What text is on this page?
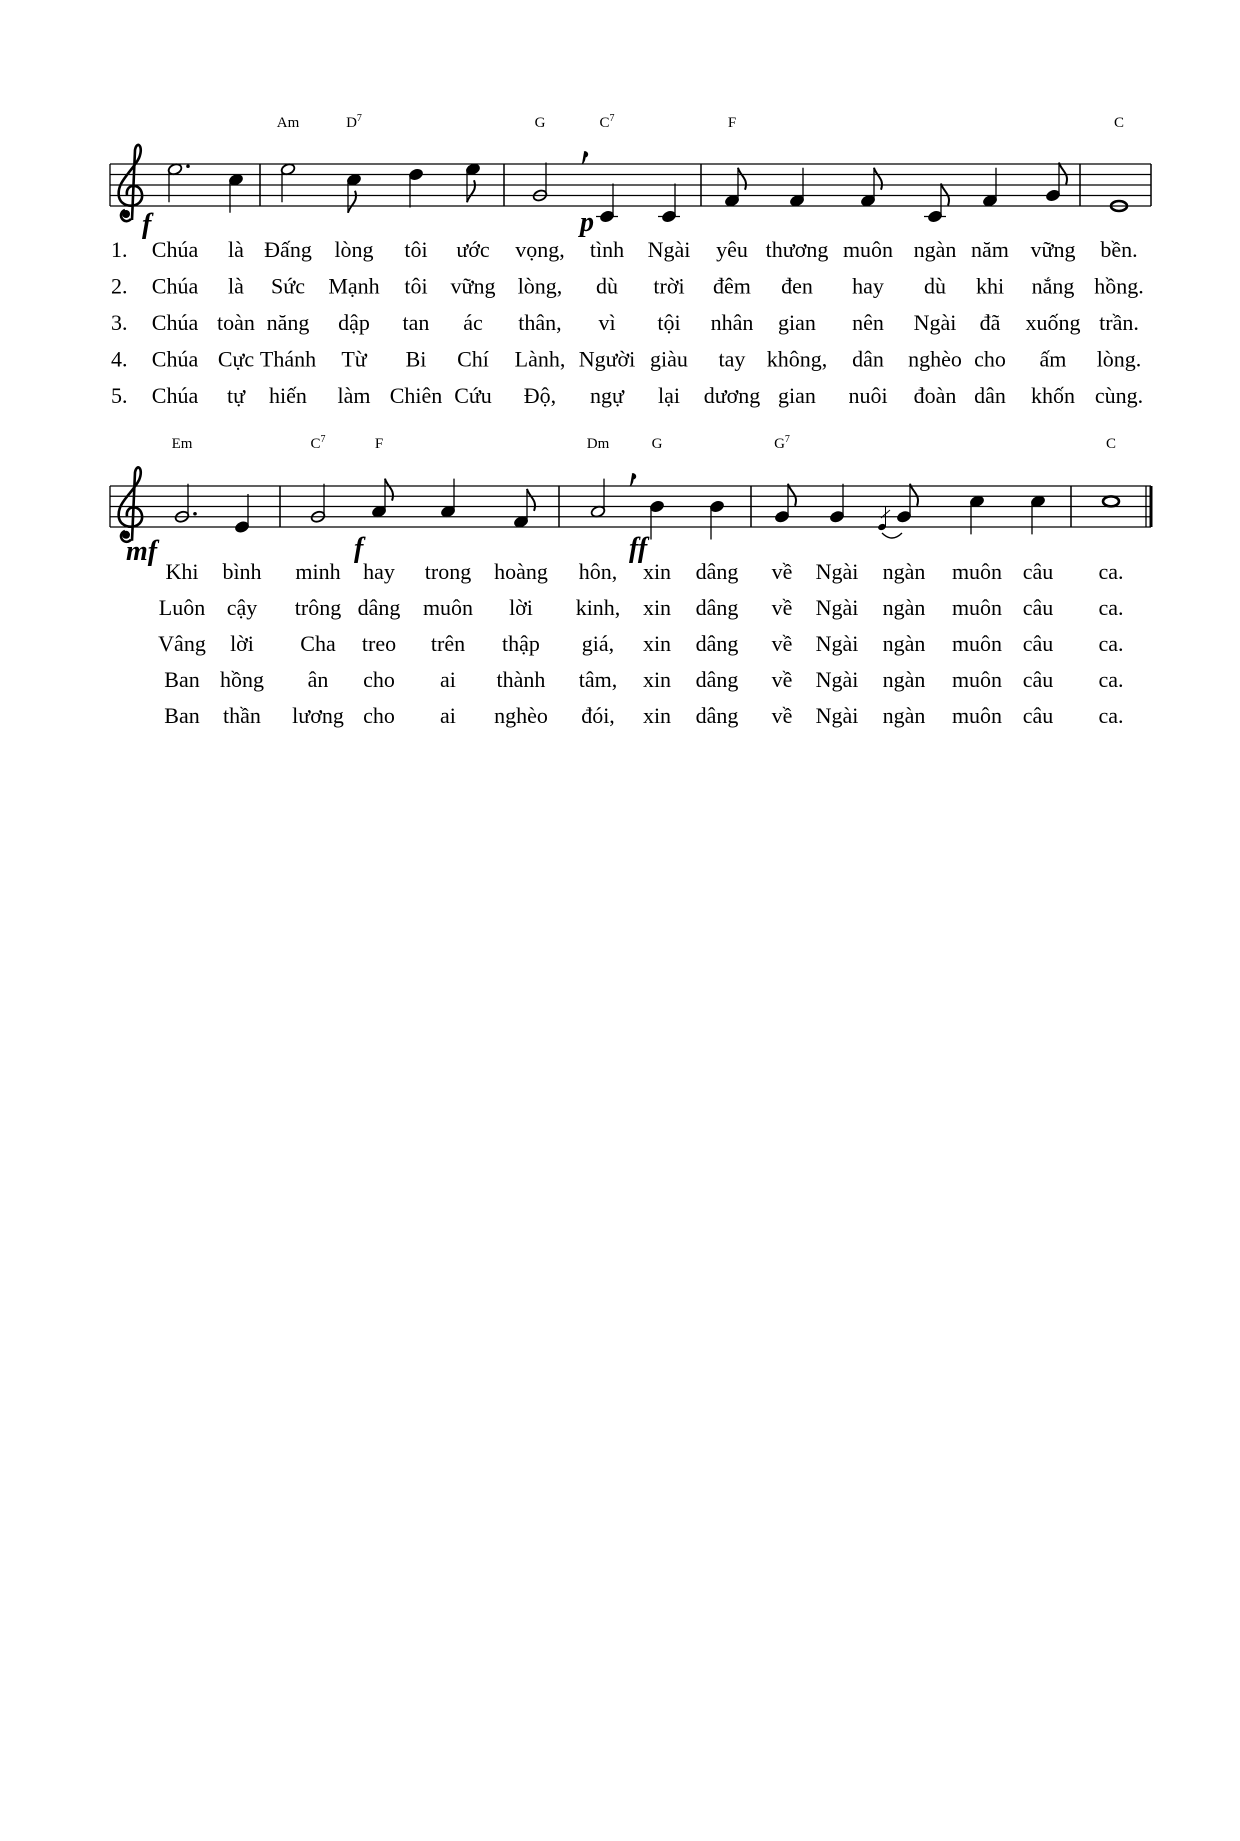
Am	$D^7$	G	$C^7$	F	C
f	p
1. Chúa là Đấng lòng tôi ước vọng, tình Ngài yêu thương muôn ngàn năm vững bền.
2. Chúa là Sức Mạnh tôi vững lòng, dù trời đêm đen hay dù khi nắng hồng.
3. Chúa toàn năng dập tan ác thân, vì tội nhân gian nên Ngài đã xuống trần.
4. Chúa Cực Thánh Từ Bi Chí Lành, Người giàu tay không, dân nghèo cho ấm lòng.
5. Chúa tự hiến làm Chiên Cứu Độ, ngự lại dương gian nuôi đoàn dân khốn cùng.
Em	$C^7$	F	Dm	G	$G^7$	C
mf	f	ff
Khi bình minh hay trong hoàng hôn, xin dâng về Ngài ngàn muôn câu ca.
Luôn cậy trông dâng muôn lời kinh, xin dâng về Ngài ngàn muôn câu ca.
Vâng lời Cha treo trên thập giá, xin dâng về Ngài ngàn muôn câu ca.
Ban hồng ân cho ai thành tâm, xin dâng về Ngài ngàn muôn câu ca.
Ban thần lương cho ai nghèo đói, xin dâng về Ngài ngàn muôn câu ca.
